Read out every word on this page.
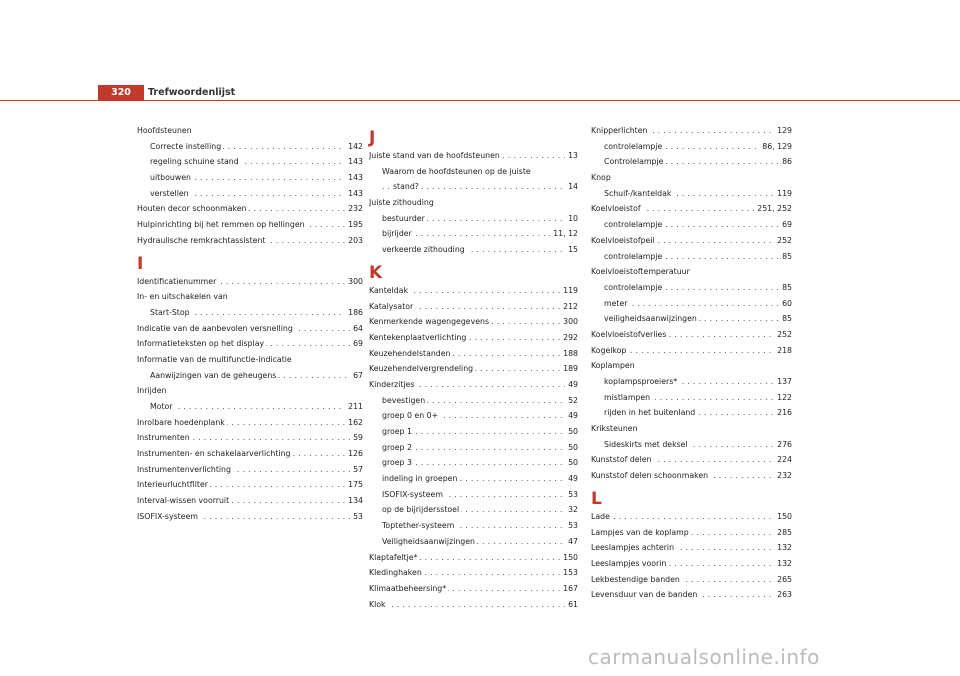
320	Trefwoordenlijst
Hoofdsteunen
Correcte instelling	142
. . .
regeling schuine stand	143
. . .
uitbouwen	143
. . .
verstellen	143
. . .
Houten decor schoonmaken	232
. . .
Hulpinrichting bij het remmen op hellingen	195
. . .
Hydraulische remkrachtassistent	203
. . .
I
Identificatienummer	300
. . .
In- en uitschakelen van
Start-Stop	186
. . .
Indicatie van de aanbevolen versnelling	64
. . .
Informatieteksten op het display	69
. . .
Informatie van de multifunctie-indicatie
Aanwijzingen van de geheugens	67
. . .
Inrijden
Motor	211
. . .
Inrolbare hoedenplank	162
. . .
Instrumenten	59
. . .
Instrumenten- en schakelaarverlichting	126
. . .
Instrumentenverlichting	57
. . .
Interieurluchtfilter	175
. . .
Interval-wissen voorruit	134
. . .
ISOFIX-systeem	53
. . .
J
Juiste stand van de hoofdsteunen	13
. . .
Waarom de hoofdsteunen op de juiste
stand?	14
. . .
Juiste zithouding
bestuurder	10
. . .
bijrijder	11, 12
. . .
verkeerde zithouding	15
. . .
K
Kanteldak	119
. . .
Katalysator	212
. . .
Kenmerkende wagengegevens	300
. . .
Kentekenplaatverlichting	292
. . .
Keuzehendelstanden	188
. . .
Keuzehendelvergrendeling	189
. . .
Kinderzitjes	49
. . .
bevestigen	52
. . .
groep 0 en 0+	49
. . .
groep 1	50
. . .
groep 2	50
. . .
groep 3	50
. . .
indeling in groepen	49
. . .
ISOFIX-systeem	53
. . .
op de bijrijdersstoel	32
. . .
Toptether-systeem	53
. . .
Veiligheidsaanwijzingen	47
. . .
Klaptafeltje*	150
. . .
Kledinghaken	153
. . .
Klimaatbeheersing*	167
. . .
Klok	61
. . .
Knipperlichten	129
. . .
controlelampje	86, 129
. . .
Controlelampje	86
. . .
Knop
Schuif-/kanteldak	119
. . .
Koelvloeistof	251, 252
. . .
controlelampje	69
. . .
Koelvloeistofpeil	252
. . .
controlelampje	85
. . .
Koelvloeistoftemperatuur
controlelampje	85
. . .
meter	60
. . .
veiligheidsaanwijzingen	85
. . .
Koelvloeistofverlies	252
. . .
Kogelkop	218
. . .
Koplampen
koplampsproeiers*	137
. . .
mistlampen	122
. . .
rijden in het buitenland	216
. . .
Kriksteunen
Sideskirts met deksel	276
. . .
Kunststof delen	224
. . .
Kunststof delen schoonmaken	232
. . .
L
Lade	150
. . .
Lampjes van de koplamp	285
. . .
Leeslampjes achterin	132
. . .
Leeslampjes voorin	132
. . .
Lekbestendige banden	265
. . .
Levensduur van de banden	263
. . .
carmanualsonline.info
